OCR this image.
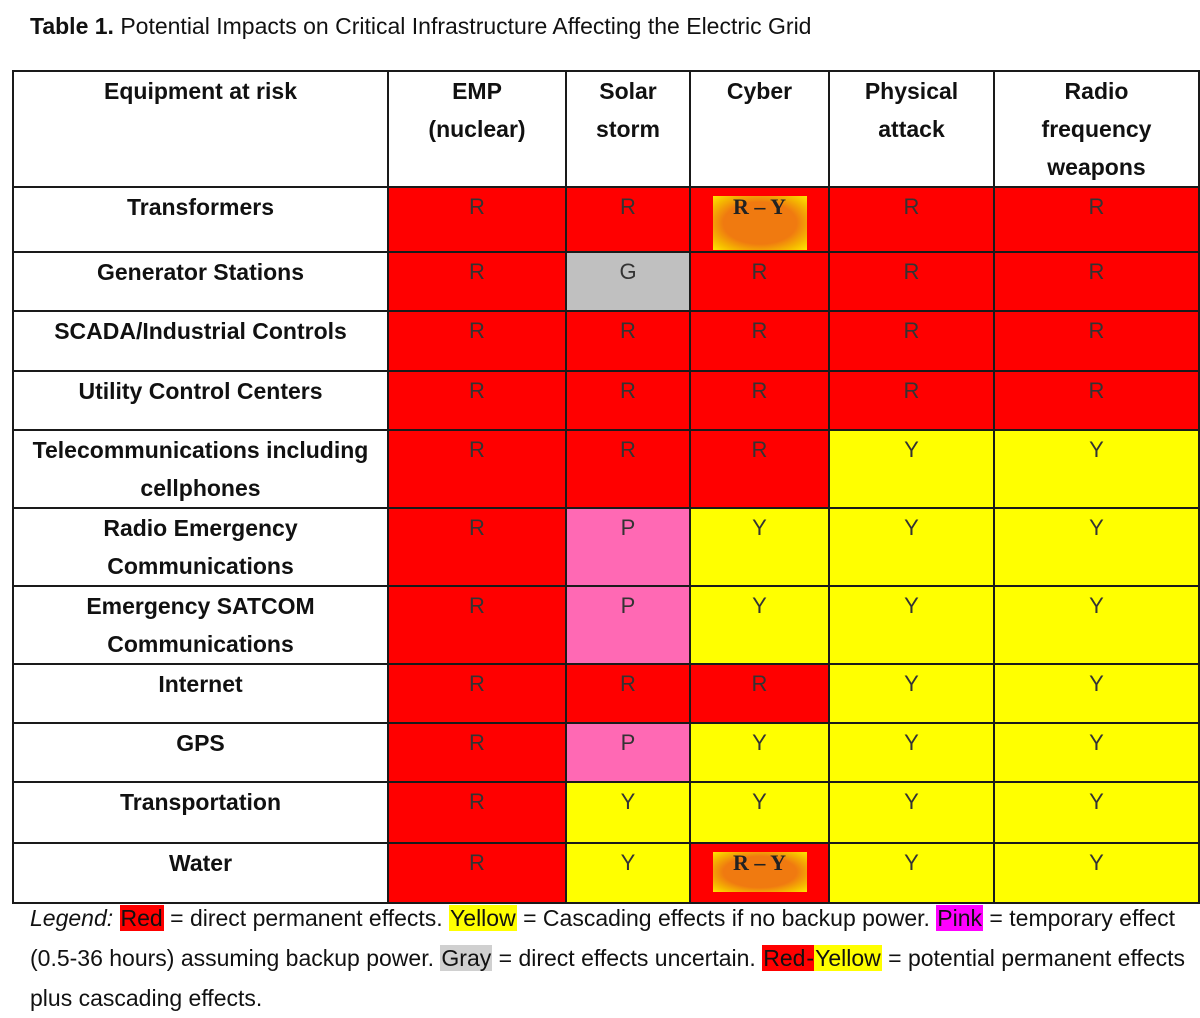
Table 1. Potential Impacts on Critical Infrastructure Affecting the Electric Grid
Equipment at risk	EMP (nuclear)	Solar storm	Cyber	Physical attack	Radio frequency weapons

Transformers	R	R	R – Y	R	R

Generator Stations	R	G	R	R	R

SCADA/Industrial Controls	R	R	R	R	R

Utility Control Centers	R	R	R	R	R

Telecommunications including cellphones	R	R	R	Y	Y

Radio Emergency Communications	R	P	Y	Y	Y

Emergency SATCOM Communications	R	P	Y	Y	Y

Internet	R	R	R	Y	Y

GPS	R	P	Y	Y	Y

Transportation	R	Y	Y	Y	Y

Water	R	Y	R – Y	Y	Y
Legend: Red = direct permanent effects. Yellow = Cascading effects if no backup power. Pink = temporary effect (0.5-36 hours) assuming backup power. Gray = direct effects uncertain. Red-Yellow = potential permanent effects plus cascading effects.
